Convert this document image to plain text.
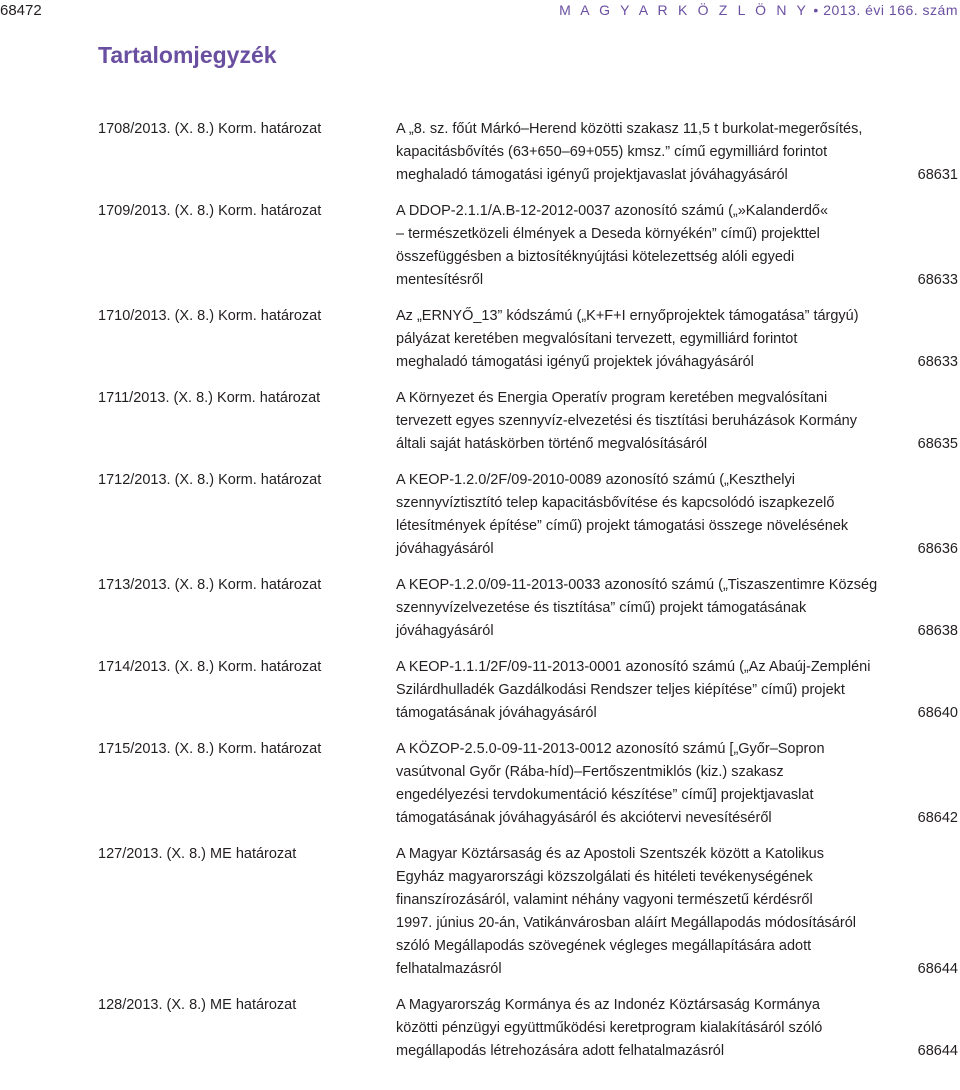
68472	M A G Y A R K Ö Z L Ö N Y • 2013. évi 166. szám
Tartalomjegyzék
1708/2013. (X. 8.) Korm. határozat	A „8. sz. főút Márkó–Herend közötti szakasz 11,5 t burkolat-megerősítés,
kapacitásbővítés (63+650–69+055) kmsz.” című egymilliárd forintot
meghaladó támogatási igényű projektjavaslat jóváhagyásáról	68631
1709/2013. (X. 8.) Korm. határozat	A DDOP-2.1.1/A.B-12-2012-0037 azonosító számú („»Kalanderdő«
– természetközeli élmények a Deseda környékén” című) projekttel
összefüggésben a biztosítéknyújtási kötelezettség alóli egyedi
mentesítésről	68633
1710/2013. (X. 8.) Korm. határozat	Az „ERNYŐ_13” kódszámú („K+F+I ernyőprojektek támogatása” tárgyú)
pályázat keretében megvalósítani tervezett, egymilliárd forintot
meghaladó támogatási igényű projektek jóváhagyásáról	68633
1711/2013. (X. 8.) Korm. határozat	A Környezet és Energia Operatív program keretében megvalósítani
tervezett egyes szennyvíz-elvezetési és tisztítási beruházások Kormány
általi saját hatáskörben történő megvalósításáról	68635
1712/2013. (X. 8.) Korm. határozat	A KEOP-1.2.0/2F/09-2010-0089 azonosító számú („Keszthelyi
szennyvíztisztító telep kapacitásbővítése és kapcsolódó iszapkezelő
létesítmények építése” című) projekt támogatási összege növelésének
jóváhagyásáról	68636
1713/2013. (X. 8.) Korm. határozat	A KEOP-1.2.0/09-11-2013-0033 azonosító számú („Tiszaszentimre Község
szennyvízelvezetése és tisztítása” című) projekt támogatásának
jóváhagyásáról	68638
1714/2013. (X. 8.) Korm. határozat	A KEOP-1.1.1/2F/09-11-2013-0001 azonosító számú („Az Abaúj-Zempléni
Szilárdhulladék Gazdálkodási Rendszer teljes kiépítése” című) projekt
támogatásának jóváhagyásáról	68640
1715/2013. (X. 8.) Korm. határozat	A KÖZOP-2.5.0-09-11-2013-0012 azonosító számú [„Győr–Sopron
vasútvonal Győr (Rába-híd)–Fertőszentmiklós (kiz.) szakasz
engedélyezési tervdokumentáció készítése” című] projektjavaslat
támogatásának jóváhagyásáról és akciótervi nevesítéséről	68642
127/2013. (X. 8.) ME határozat	A Magyar Köztársaság és az Apostoli Szentszék között a Katolikus
Egyház magyarországi közszolgálati és hitéleti tevékenységének
finanszírozásáról, valamint néhány vagyoni természetű kérdésről
1997. június 20-án, Vatikánvárosban aláírt Megállapodás módosításáról
szóló Megállapodás szövegének végleges megállapítására adott
felhatalmazásról	68644
128/2013. (X. 8.) ME határozat	A Magyarország Kormánya és az Indonéz Köztársaság Kormánya
közötti pénzügyi együttműködési keretprogram kialakításáról szóló
megállapodás létrehozására adott felhatalmazásról	68644
